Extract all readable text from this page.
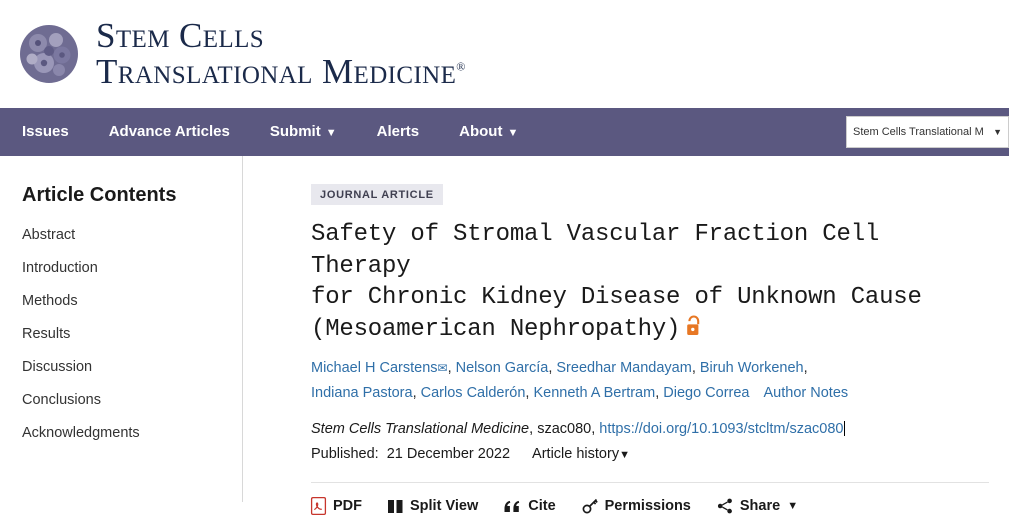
Stem Cells
Translational Medicine®
Issues	Advance Articles	Submit ▼	Alerts	About ▼	Stem Cells Translational M	▼
Article Contents
Abstract
Introduction
Methods
Results
Discussion
Conclusions
Acknowledgments
JOURNAL ARTICLE
Safety of Stromal Vascular Fraction Cell Therapy
for Chronic Kidney Disease of Unknown Cause
(Mesoamerican Nephropathy)
Michael H Carstens✉, Nelson García, Sreedhar Mandayam, Biruh Workeneh,
Indiana Pastora, Carlos Calderón, Kenneth A Bertram, Diego Correa Author Notes
Stem Cells Translational Medicine, szac080, https://doi.org/10.1093/stcltm/szac080
Published: 21 December 2022 Article history▼
PDF	Split View	Cite	Permissions	Share ▼
